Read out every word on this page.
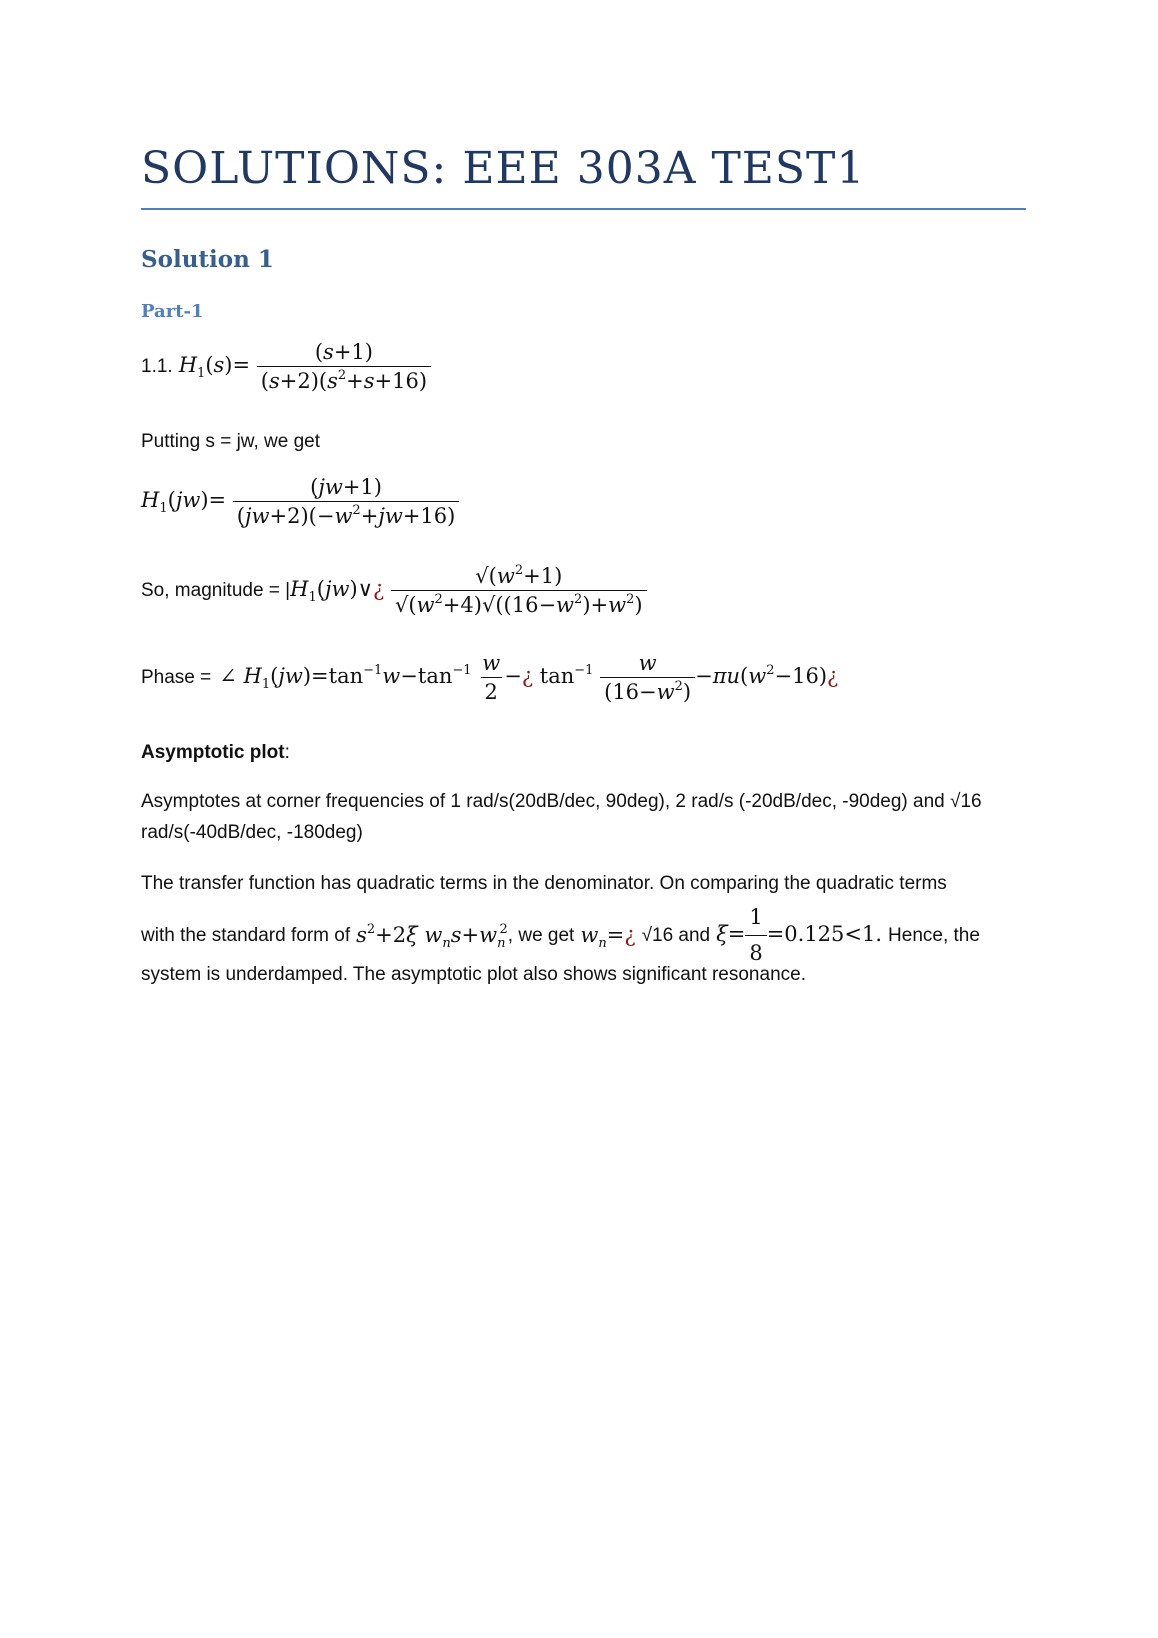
SOLUTIONS: EEE 303A TEST1
Solution 1
Part-1
1.1. $H_1(s)= \frac{(s+1)}{(s+2)(s^2+s+16)}$
Putting s = jw, we get
$H_1(jw)= \frac{(jw+1)}{(jw+2)(-w^2+jw+16)}$
So, magnitude = | $H_1(jw)\vee¿ \frac{√(w^2+1)}{√(w^2+4)√((16-w^2)+w^2)}$
Phase = ∠ $H_1(jw)=\tan^{-1}w-\tan^{-1} \frac{w}{2}$ −¿ $\tan^{-1} \frac{w}{(16-w^2)}$ $-\pi u(w^2-16)¿$
Asymptotic plot:
Asymptotes at corner frequencies of 1 rad/s(20dB/dec, 90deg), 2 rad/s (-20dB/dec, -90deg) and √16 rad/s(-40dB/dec, -180deg)
The transfer function has quadratic terms in the denominator. On comparing the quadratic terms
with the standard form of $s^2+2\xi$ $w_ns+w_n^2$ , we get $w_n=¿$ √16 and $\xi= \frac{1}{8} =0.125<1$. Hence, the
system is underdamped. The asymptotic plot also shows significant resonance.
